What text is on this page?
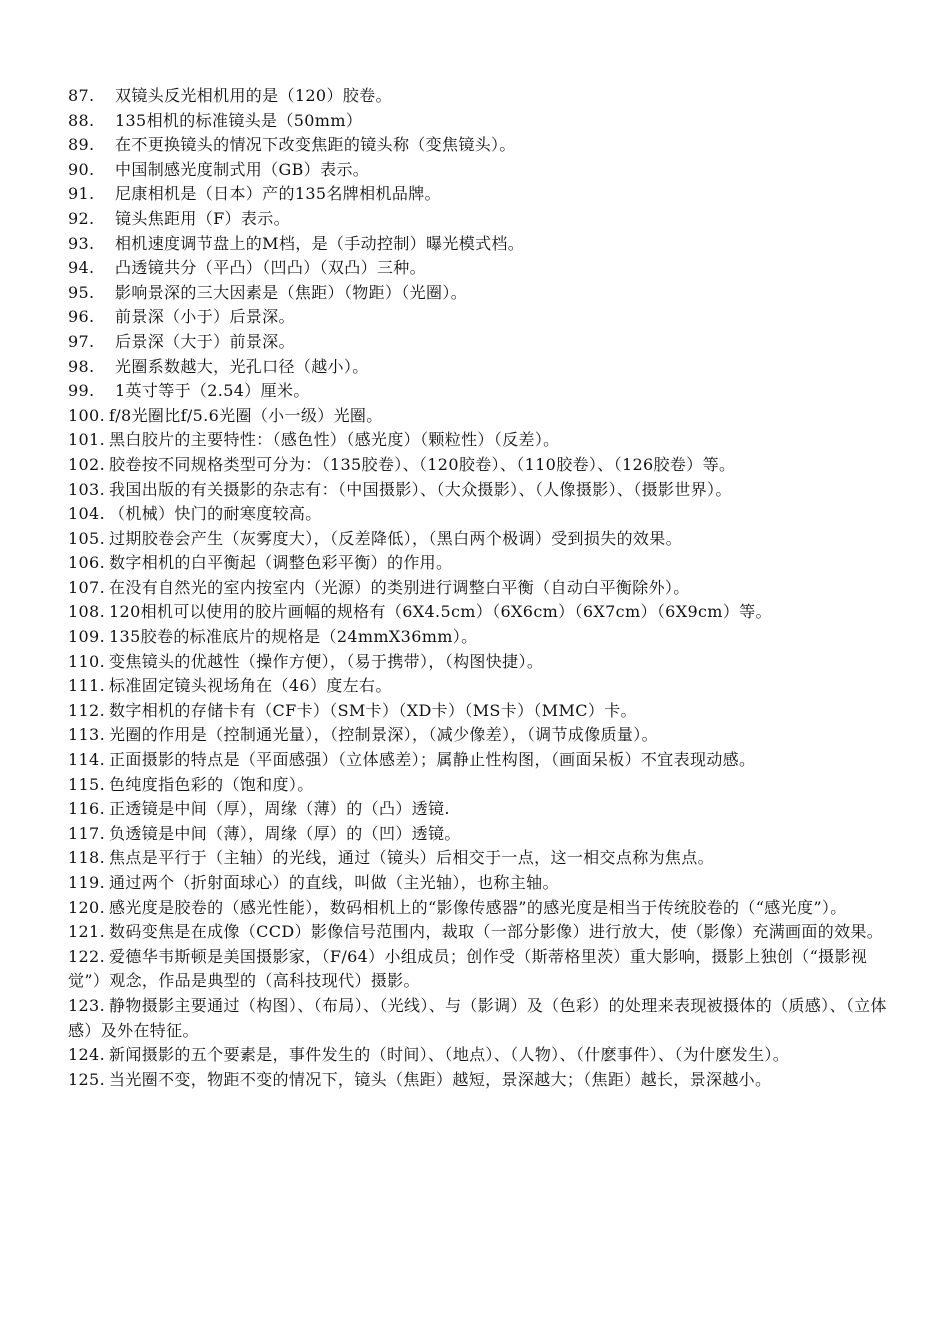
87. 双镜头反光相机用的是（120）胶卷。

88. 135相机的标准镜头是（50mm）

89. 在不更换镜头的情况下改变焦距的镜头称（变焦镜头）。

90. 中国制感光度制式用（GB）表示。

91. 尼康相机是（日本）产的135名牌相机品牌。

92. 镜头焦距用（F）表示。

93. 相机速度调节盘上的M档，是（手动控制）曝光模式档。

94. 凸透镜共分（平凸）（凹凸）（双凸）三种。

95. 影响景深的三大因素是（焦距）（物距）（光圈）。

96. 前景深（小于）后景深。

97. 后景深（大于）前景深。

98. 光圈系数越大，光孔口径（越小）。

99. 1英寸等于（2.54）厘米。

100. f/8光圈比f/5.6光圈（小一级）光圈。

101. 黑白胶片的主要特性：（感色性）（感光度）（颗粒性）（反差）。

102. 胶卷按不同规格类型可分为：（135胶卷）、（120胶卷）、（110胶卷）、（126胶卷）等。

103. 我国出版的有关摄影的杂志有：（中国摄影）、（大众摄影）、（人像摄影）、（摄影世界）。

104. （机械）快门的耐寒度较高。

105. 过期胶卷会产生（灰雾度大），（反差降低），（黑白两个极调）受到损失的效果。

106. 数字相机的白平衡起（调整色彩平衡）的作用。

107. 在没有自然光的室内按室内（光源）的类别进行调整白平衡（自动白平衡除外）。

108. 120相机可以使用的胶片画幅的规格有（6X4.5cm）（6X6cm）（6X7cm）（6X9cm）等。

109. 135胶卷的标准底片的规格是（24mmX36mm）。

110. 变焦镜头的优越性（操作方便），（易于携带），（构图快捷）。

111. 标准固定镜头视场角在（46）度左右。

112. 数字相机的存储卡有（CF卡）（SM卡）（XD卡）（MS卡）（MMC）卡。

113. 光圈的作用是（控制通光量），（控制景深），（减少像差），（调节成像质量）。

114. 正面摄影的特点是（平面感强）（立体感差）；属静止性构图，（画面呆板）不宜表现动感。

115. 色纯度指色彩的（饱和度）。

116. 正透镜是中间（厚），周缘（薄）的（凸）透镜.

117. 负透镜是中间（薄），周缘（厚）的（凹）透镜。

118. 焦点是平行于（主轴）的光线，通过（镜头）后相交于一点，这一相交点称为焦点。

119. 通过两个（折射面球心）的直线，叫做（主光轴），也称主轴。

120. 感光度是胶卷的（感光性能），数码相机上的“影像传感器”的感光度是相当于传统胶卷的（“感光度”）。

121. 数码变焦是在成像（CCD）影像信号范围内，裁取（一部分影像）进行放大，使（影像）充满画面的效果。

122. 爱德华韦斯顿是美国摄影家，（F/64）小组成员；创作受（斯蒂格里茨）重大影响，摄影上独创（“摄影视觉”）观念，作品是典型的（高科技现代）摄影。

123. 静物摄影主要通过（构图）、（布局）、（光线）、与（影调）及（色彩）的处理来表现被摄体的（质感）、（立体感）及外在特征。

124. 新闻摄影的五个要素是，事件发生的（时间）、（地点）、（人物）、（什麽事件）、（为什麽发生）。

125. 当光圈不变，物距不变的情况下，镜头（焦距）越短，景深越大；（焦距）越长，景深越小。
